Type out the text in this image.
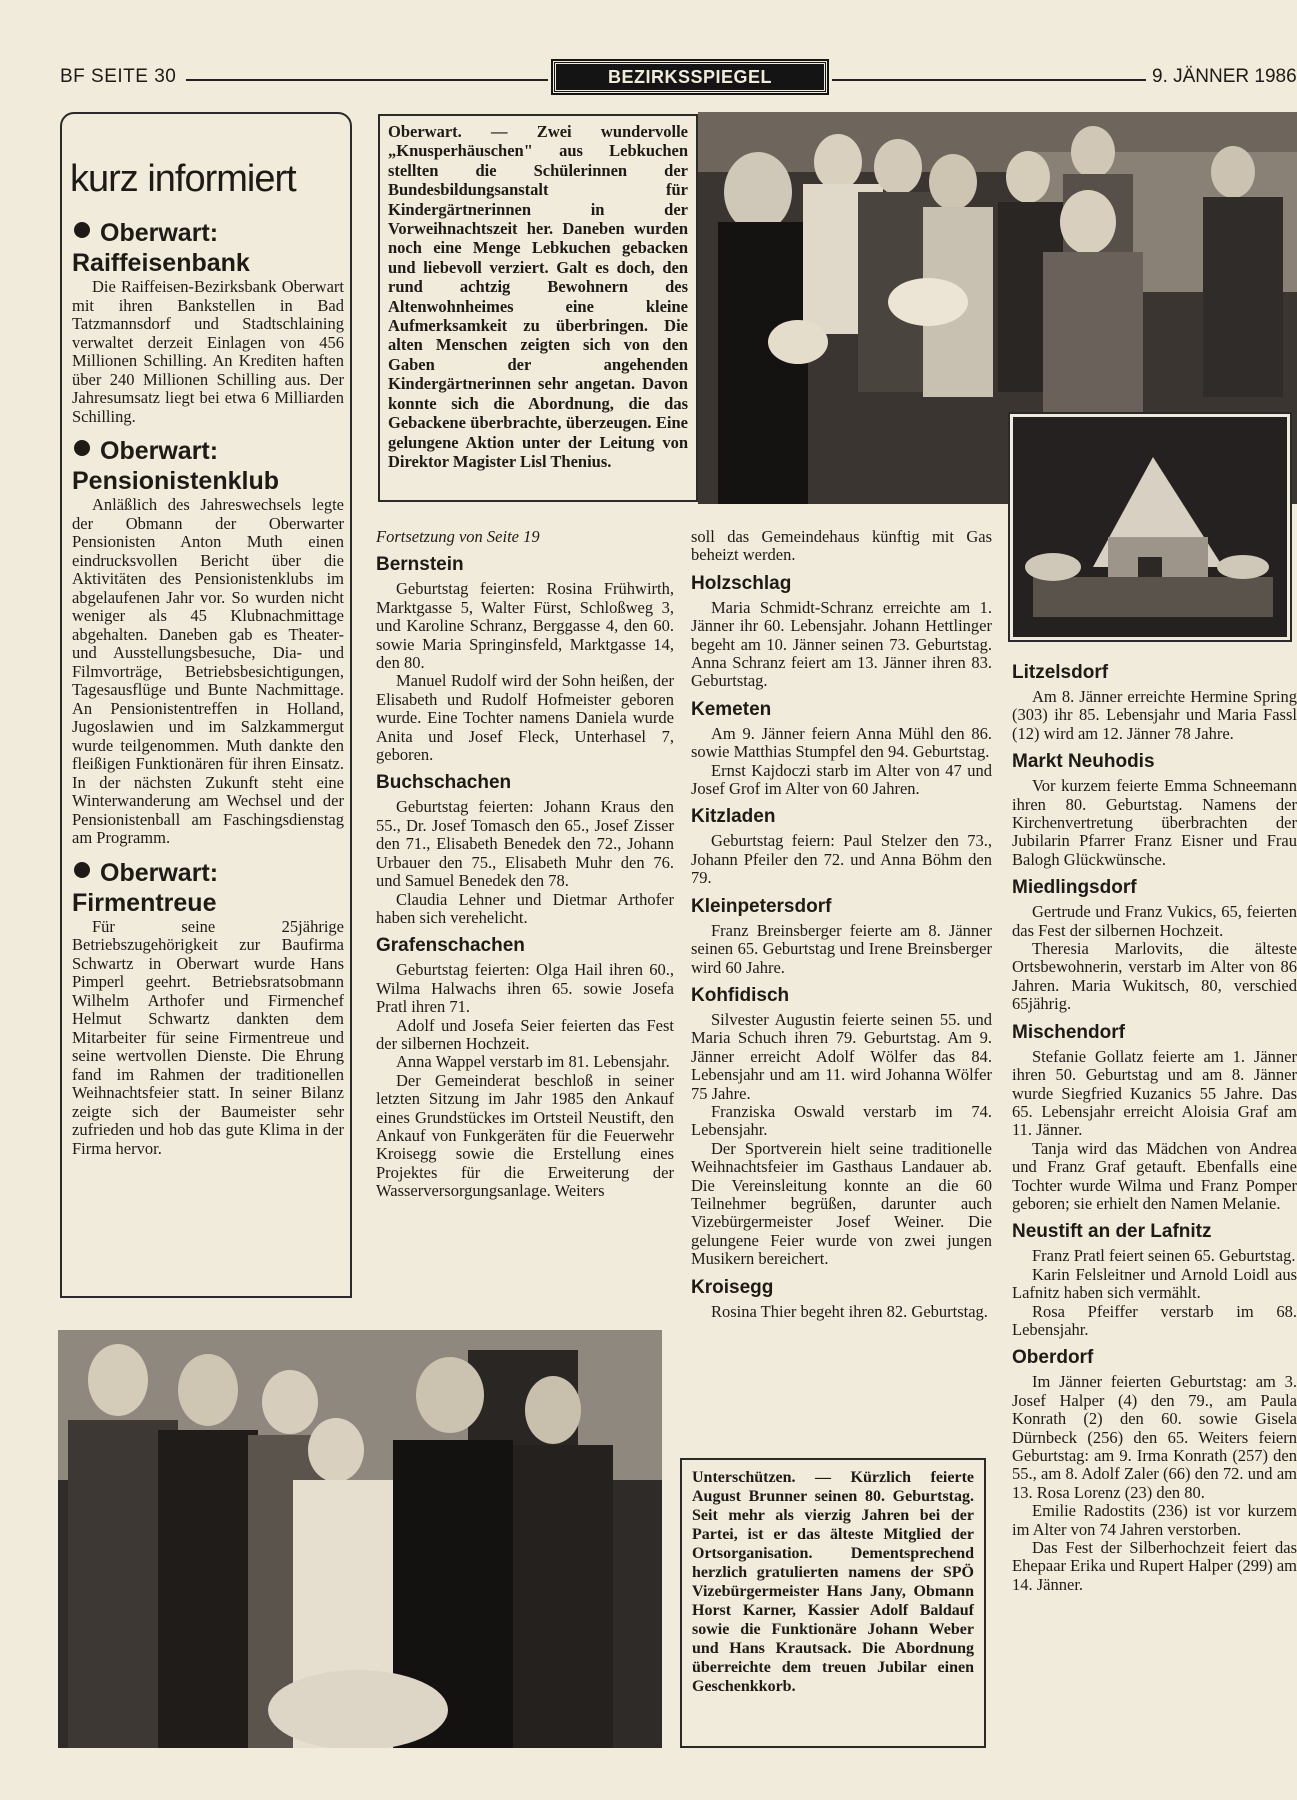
BF SEITE 30	BEZIRKSSPIEGEL	9. JÄNNER 1986
kurz informiert
Oberwart: Raiffeisenbank

Die Raiffeisen-Bezirksbank Oberwart mit ihren Bankstellen in Bad Tatzmannsdorf und Stadtschlaining verwaltet derzeit Einlagen von 456 Millionen Schilling. An Krediten haften über 240 Millionen Schilling aus. Der Jahresumsatz liegt bei etwa 6 Milliarden Schilling.

Oberwart: Pensionistenklub

Anläßlich des Jahreswechsels legte der Obmann der Oberwarter Pensionisten Anton Muth einen eindrucksvollen Bericht über die Aktivitäten des Pensionistenklubs im abgelaufenen Jahr vor. So wurden nicht weniger als 45 Klubnachmittage abgehalten. Daneben gab es Theater- und Ausstellungsbesuche, Dia- und Filmvorträge, Betriebsbesichtigungen, Tagesausflüge und Bunte Nachmittage. An Pensionistentreffen in Holland, Jugoslawien und im Salzkammergut wurde teilgenommen. Muth dankte den fleißigen Funktionären für ihren Einsatz. In der nächsten Zukunft steht eine Winterwanderung am Wechsel und der Pensionistenball am Faschingsdienstag am Programm.

Oberwart: Firmentreue

Für seine 25jährige Betriebszugehörigkeit zur Baufirma Schwartz in Oberwart wurde Hans Pimperl geehrt. Betriebsratsobmann Wilhelm Arthofer und Firmenchef Helmut Schwartz dankten dem Mitarbeiter für seine Firmentreue und seine wertvollen Dienste. Die Ehrung fand im Rahmen der traditionellen Weihnachtsfeier statt. In seiner Bilanz zeigte sich der Baumeister sehr zufrieden und hob das gute Klima in der Firma hervor.

Oberwart. — Zwei wundervolle „Knusperhäuschen" aus Lebkuchen stellten die Schülerinnen der Bundesbildungsanstalt für Kindergärtnerinnen in der Vorweihnachtszeit her. Daneben wurden noch eine Menge Lebkuchen gebacken und liebevoll verziert. Galt es doch, den rund achtzig Bewohnern des Altenwohnheimes eine kleine Aufmerksamkeit zu überbringen. Die alten Menschen zeigten sich von den Gaben der angehenden Kindergärtnerinnen sehr angetan. Davon konnte sich die Abordnung, die das Gebackene überbrachte, überzeugen. Eine gelungene Aktion unter der Leitung von Direktor Magister Lisl Thenius.
Unterschützen. — Kürzlich feierte August Brunner seinen 80. Geburtstag. Seit mehr als vierzig Jahren bei der Partei, ist er das älteste Mitglied der Ortsorganisation. Dementsprechend herzlich gratulierten namens der SPÖ Vizebürgermeister Hans Jany, Obmann Horst Karner, Kassier Adolf Baldauf sowie die Funktionäre Johann Weber und Hans Krautsack. Die Abordnung überreichte dem treuen Jubilar einen Geschenkkorb.

Fortsetzung von Seite 19

Bernstein

Geburtstag feierten: Rosina Frühwirth, Marktgasse 5, Walter Fürst, Schloßweg 3, und Karoline Schranz, Berggasse 4, den 60. sowie Maria Springinsfeld, Marktgasse 14, den 80.

Manuel Rudolf wird der Sohn heißen, der Elisabeth und Rudolf Hofmeister geboren wurde. Eine Tochter namens Daniela wurde Anita und Josef Fleck, Unterhasel 7, geboren.

Buchschachen

Geburtstag feierten: Johann Kraus den 55., Dr. Josef Tomasch den 65., Josef Zisser den 71., Elisabeth Benedek den 72., Johann Urbauer den 75., Elisabeth Muhr den 76. und Samuel Benedek den 78.

Claudia Lehner und Dietmar Arthofer haben sich verehelicht.

Grafenschachen

Geburtstag feierten: Olga Hail ihren 60., Wilma Halwachs ihren 65. sowie Josefa Pratl ihren 71.

Adolf und Josefa Seier feierten das Fest der silbernen Hochzeit.

Anna Wappel verstarb im 81. Lebensjahr.

Der Gemeinderat beschloß in seiner letzten Sitzung im Jahr 1985 den Ankauf eines Grundstückes im Ortsteil Neustift, den Ankauf von Funkgeräten für die Feuerwehr Kroisegg sowie die Erstellung eines Projektes für die Erweiterung der Wasserversorgungsanlage. Weiters

soll das Gemeindehaus künftig mit Gas beheizt werden.

Holzschlag

Maria Schmidt-Schranz erreichte am 1. Jänner ihr 60. Lebensjahr. Johann Hettlinger begeht am 10. Jänner seinen 73. Geburtstag. Anna Schranz feiert am 13. Jänner ihren 83. Geburtstag.

Kemeten

Am 9. Jänner feiern Anna Mühl den 86. sowie Matthias Stumpfel den 94. Geburtstag.

Ernst Kajdoczi starb im Alter von 47 und Josef Grof im Alter von 60 Jahren.

Kitzladen

Geburtstag feiern: Paul Stelzer den 73., Johann Pfeiler den 72. und Anna Böhm den 79.

Kleinpetersdorf

Franz Breinsberger feierte am 8. Jänner seinen 65. Geburtstag und Irene Breinsberger wird 60 Jahre.

Kohfidisch

Silvester Augustin feierte seinen 55. und Maria Schuch ihren 79. Geburtstag. Am 9. Jänner erreicht Adolf Wölfer das 84. Lebensjahr und am 11. wird Johanna Wölfer 75 Jahre.

Franziska Oswald verstarb im 74. Lebensjahr.

Der Sportverein hielt seine traditionelle Weihnachtsfeier im Gasthaus Landauer ab. Die Vereinsleitung konnte an die 60 Teilnehmer begrüßen, darunter auch Vizebürgermeister Josef Weiner. Die gelungene Feier wurde von zwei jungen Musikern bereichert.

Kroisegg

Rosina Thier begeht ihren 82. Geburtstag.

Litzelsdorf

Am 8. Jänner erreichte Hermine Spring (303) ihr 85. Lebensjahr und Maria Fassl (12) wird am 12. Jänner 78 Jahre.

Markt Neuhodis

Vor kurzem feierte Emma Schneemann ihren 80. Geburtstag. Namens der Kirchenvertretung überbrachten der Jubilarin Pfarrer Franz Eisner und Frau Balogh Glückwünsche.

Miedlingsdorf

Gertrude und Franz Vukics, 65, feierten das Fest der silbernen Hochzeit.

Theresia Marlovits, die älteste Ortsbewohnerin, verstarb im Alter von 86 Jahren. Maria Wukitsch, 80, verschied 65jährig.

Mischendorf

Stefanie Gollatz feierte am 1. Jänner ihren 50. Geburtstag und am 8. Jänner wurde Siegfried Kuzanics 55 Jahre. Das 65. Lebensjahr erreicht Aloisia Graf am 11. Jänner.

Tanja wird das Mädchen von Andrea und Franz Graf getauft. Ebenfalls eine Tochter wurde Wilma und Franz Pomper geboren; sie erhielt den Namen Melanie.

Neustift an der Lafnitz

Franz Pratl feiert seinen 65. Geburtstag.

Karin Felsleitner und Arnold Loidl aus Lafnitz haben sich vermählt.

Rosa Pfeiffer verstarb im 68. Lebensjahr.

Oberdorf

Im Jänner feierten Geburtstag: am 3. Josef Halper (4) den 79., am Paula Konrath (2) den 60. sowie Gisela Dürnbeck (256) den 65. Weiters feiern Geburtstag: am 9. Irma Konrath (257) den 55., am 8. Adolf Zaler (66) den 72. und am 13. Rosa Lorenz (23) den 80.

Emilie Radostits (236) ist vor kurzem im Alter von 74 Jahren verstorben.

Das Fest der Silberhochzeit feiert das Ehepaar Erika und Rupert Halper (299) am 14. Jänner.
